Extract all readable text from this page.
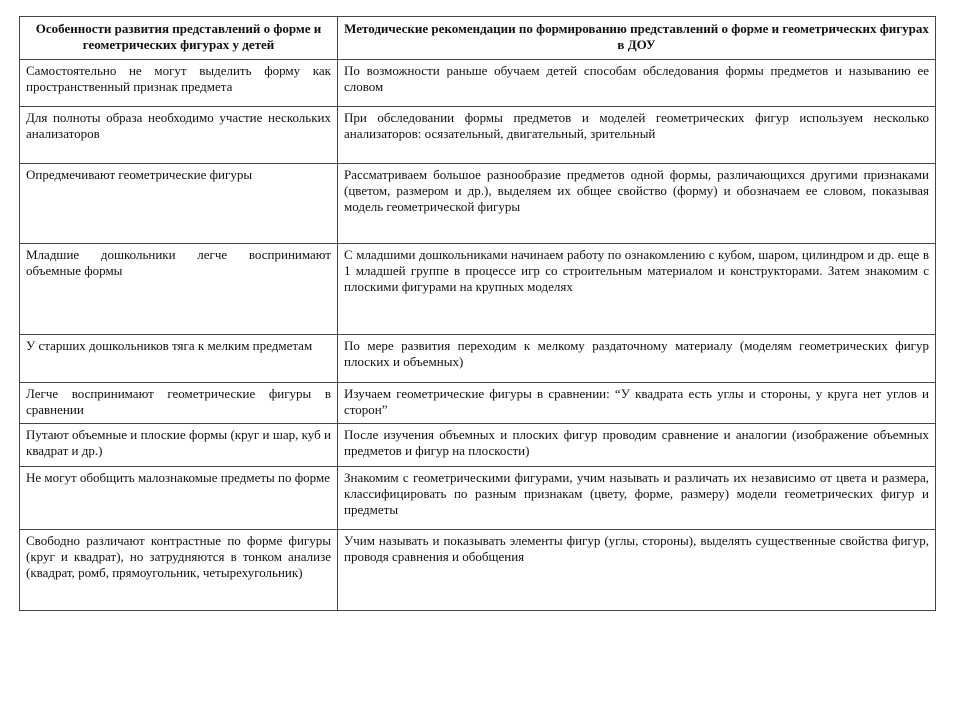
Особенности развития представлений о форме и геометрических фигурах у детей	Методические рекомендации по формированию представлений о форме и геометрических фигурах в ДОУ
Самостоятельно не могут выделить форму как пространственный признак предмета	По возможности раньше обучаем детей способам обследования формы предметов и называнию ее словом
Для полноты образа необходимо участие нескольких анализаторов	При обследовании формы предметов и моделей геометрических фигур используем несколько анализаторов: осязательный, двигательный, зрительный
Опредмечивают геометрические фигуры	Рассматриваем большое разнообразие предметов одной формы, различающихся другими признаками (цветом, размером и др.), выделяем их общее свойство (форму) и обозначаем ее словом, показывая модель геометрической фигуры
Младшие дошкольники легче воспринимают объемные формы	С младшими дошкольниками начинаем работу по ознакомлению с кубом, шаром, цилиндром и др. еще в 1 младшей группе в процессе игр со строительным материалом и конструкторами. Затем знакомим с плоскими фигурами на крупных моделях
У старших дошкольников тяга к мелким предметам	По мере развития переходим к мелкому раздаточному материалу (моделям геометрических фигур плоских и объемных)
Легче воспринимают геометрические фигуры в сравнении	Изучаем геометрические фигуры в сравнении: “У квадрата есть углы и стороны, у круга нет углов и сторон”
Путают объемные и плоские формы (круг и шар, куб и квадрат и др.)	После изучения объемных и плоских фигур проводим сравнение и аналогии (изображение объемных предметов и фигур на плоскости)
Не могут обобщить малознакомые предметы по форме	Знакомим с геометрическими фигурами, учим называть и различать их независимо от цвета и размера, классифицировать по разным признакам (цвету, форме, размеру) модели геометрических фигур и предметы
Свободно различают контрастные по форме фигуры (круг и квадрат), но затрудняются в тонком анализе (квадрат, ромб, прямоугольник, четырехугольник)	Учим называть и показывать элементы фигур (углы, стороны), выделять существенные свойства фигур, проводя сравнения и обобщения
